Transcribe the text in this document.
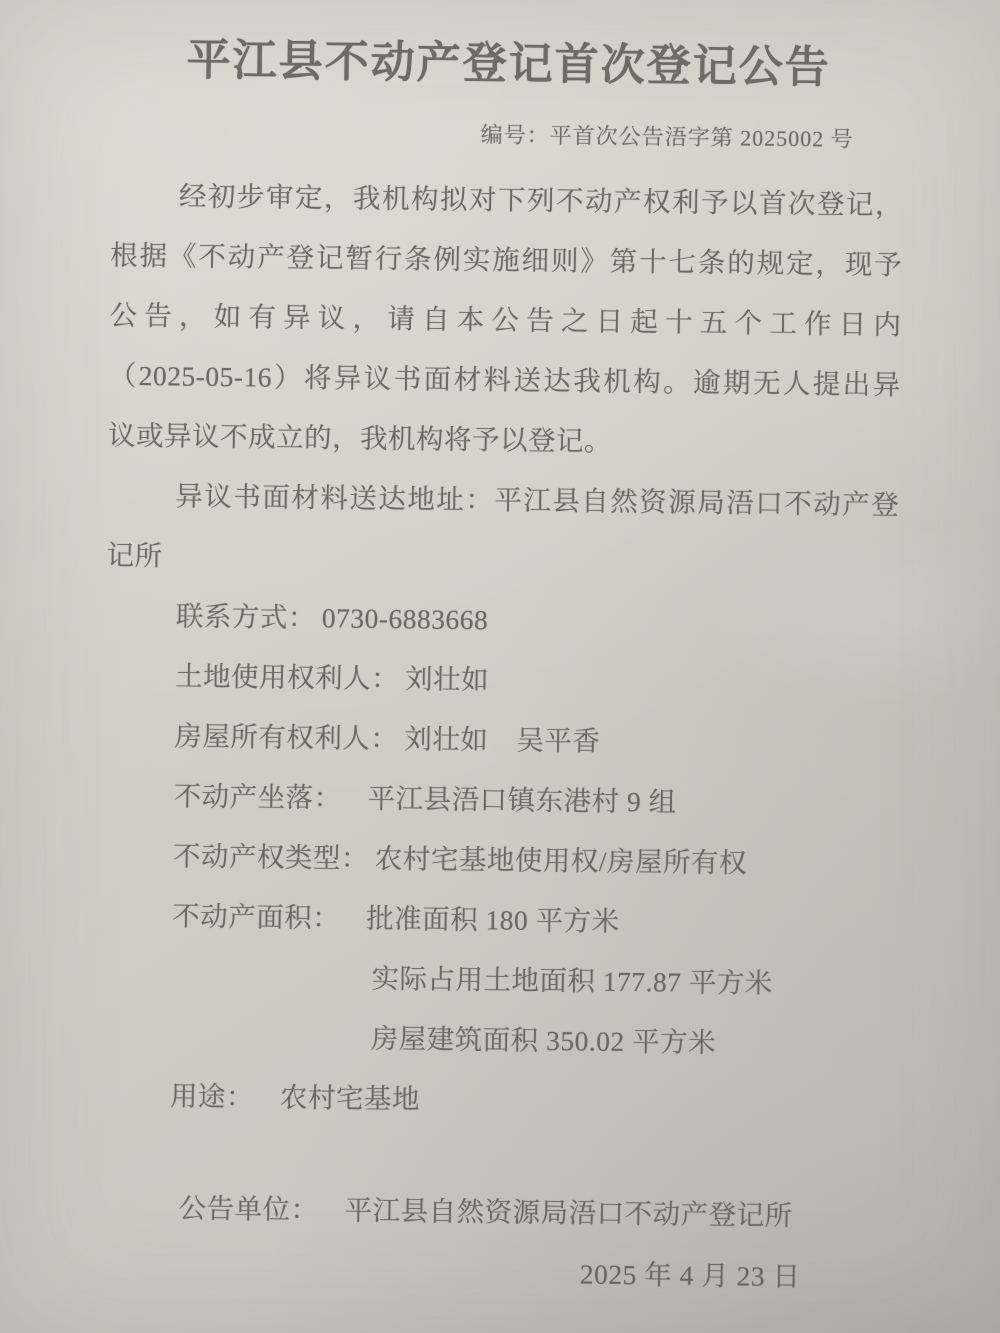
平江县不动产登记首次登记公告
编号：平首次公告浯字第 2025002 号
经初步审定，我机构拟对下列不动产权利予以首次登记，
根据《不动产登记暂行条例实施细则》第十七条的规定，现予
公告，如有异议，请自本公告之日起十五个工作日内
（2025-05-16）将异议书面材料送达我机构。逾期无人提出异
议或异议不成立的，我机构将予以登记。
异议书面材料送达地址：平江县自然资源局浯口不动产登
记所
联系方式： 0730-6883668
土地使用权利人： 刘壮如
房屋所有权利人： 刘壮如　吴平香
不动产坐落： 平江县浯口镇东港村 9 组
不动产权类型： 农村宅基地使用权/房屋所有权
不动产面积： 批准面积 180 平方米
实际占用土地面积 177.87 平方米
房屋建筑面积 350.02 平方米
用途： 农村宅基地
公告单位： 平江县自然资源局浯口不动产登记所
2025 年 4 月 23 日
